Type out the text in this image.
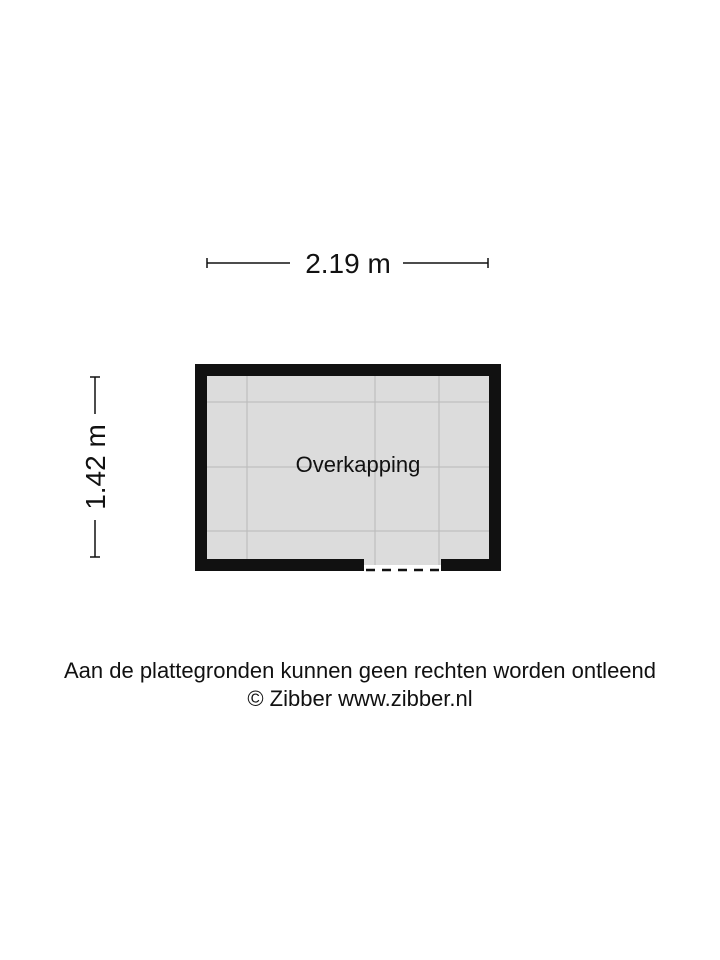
2.19 m
1.42 m	Overkapping
Aan de plattegronden kunnen geen rechten worden ontleend
© Zibber www.zibber.nl
